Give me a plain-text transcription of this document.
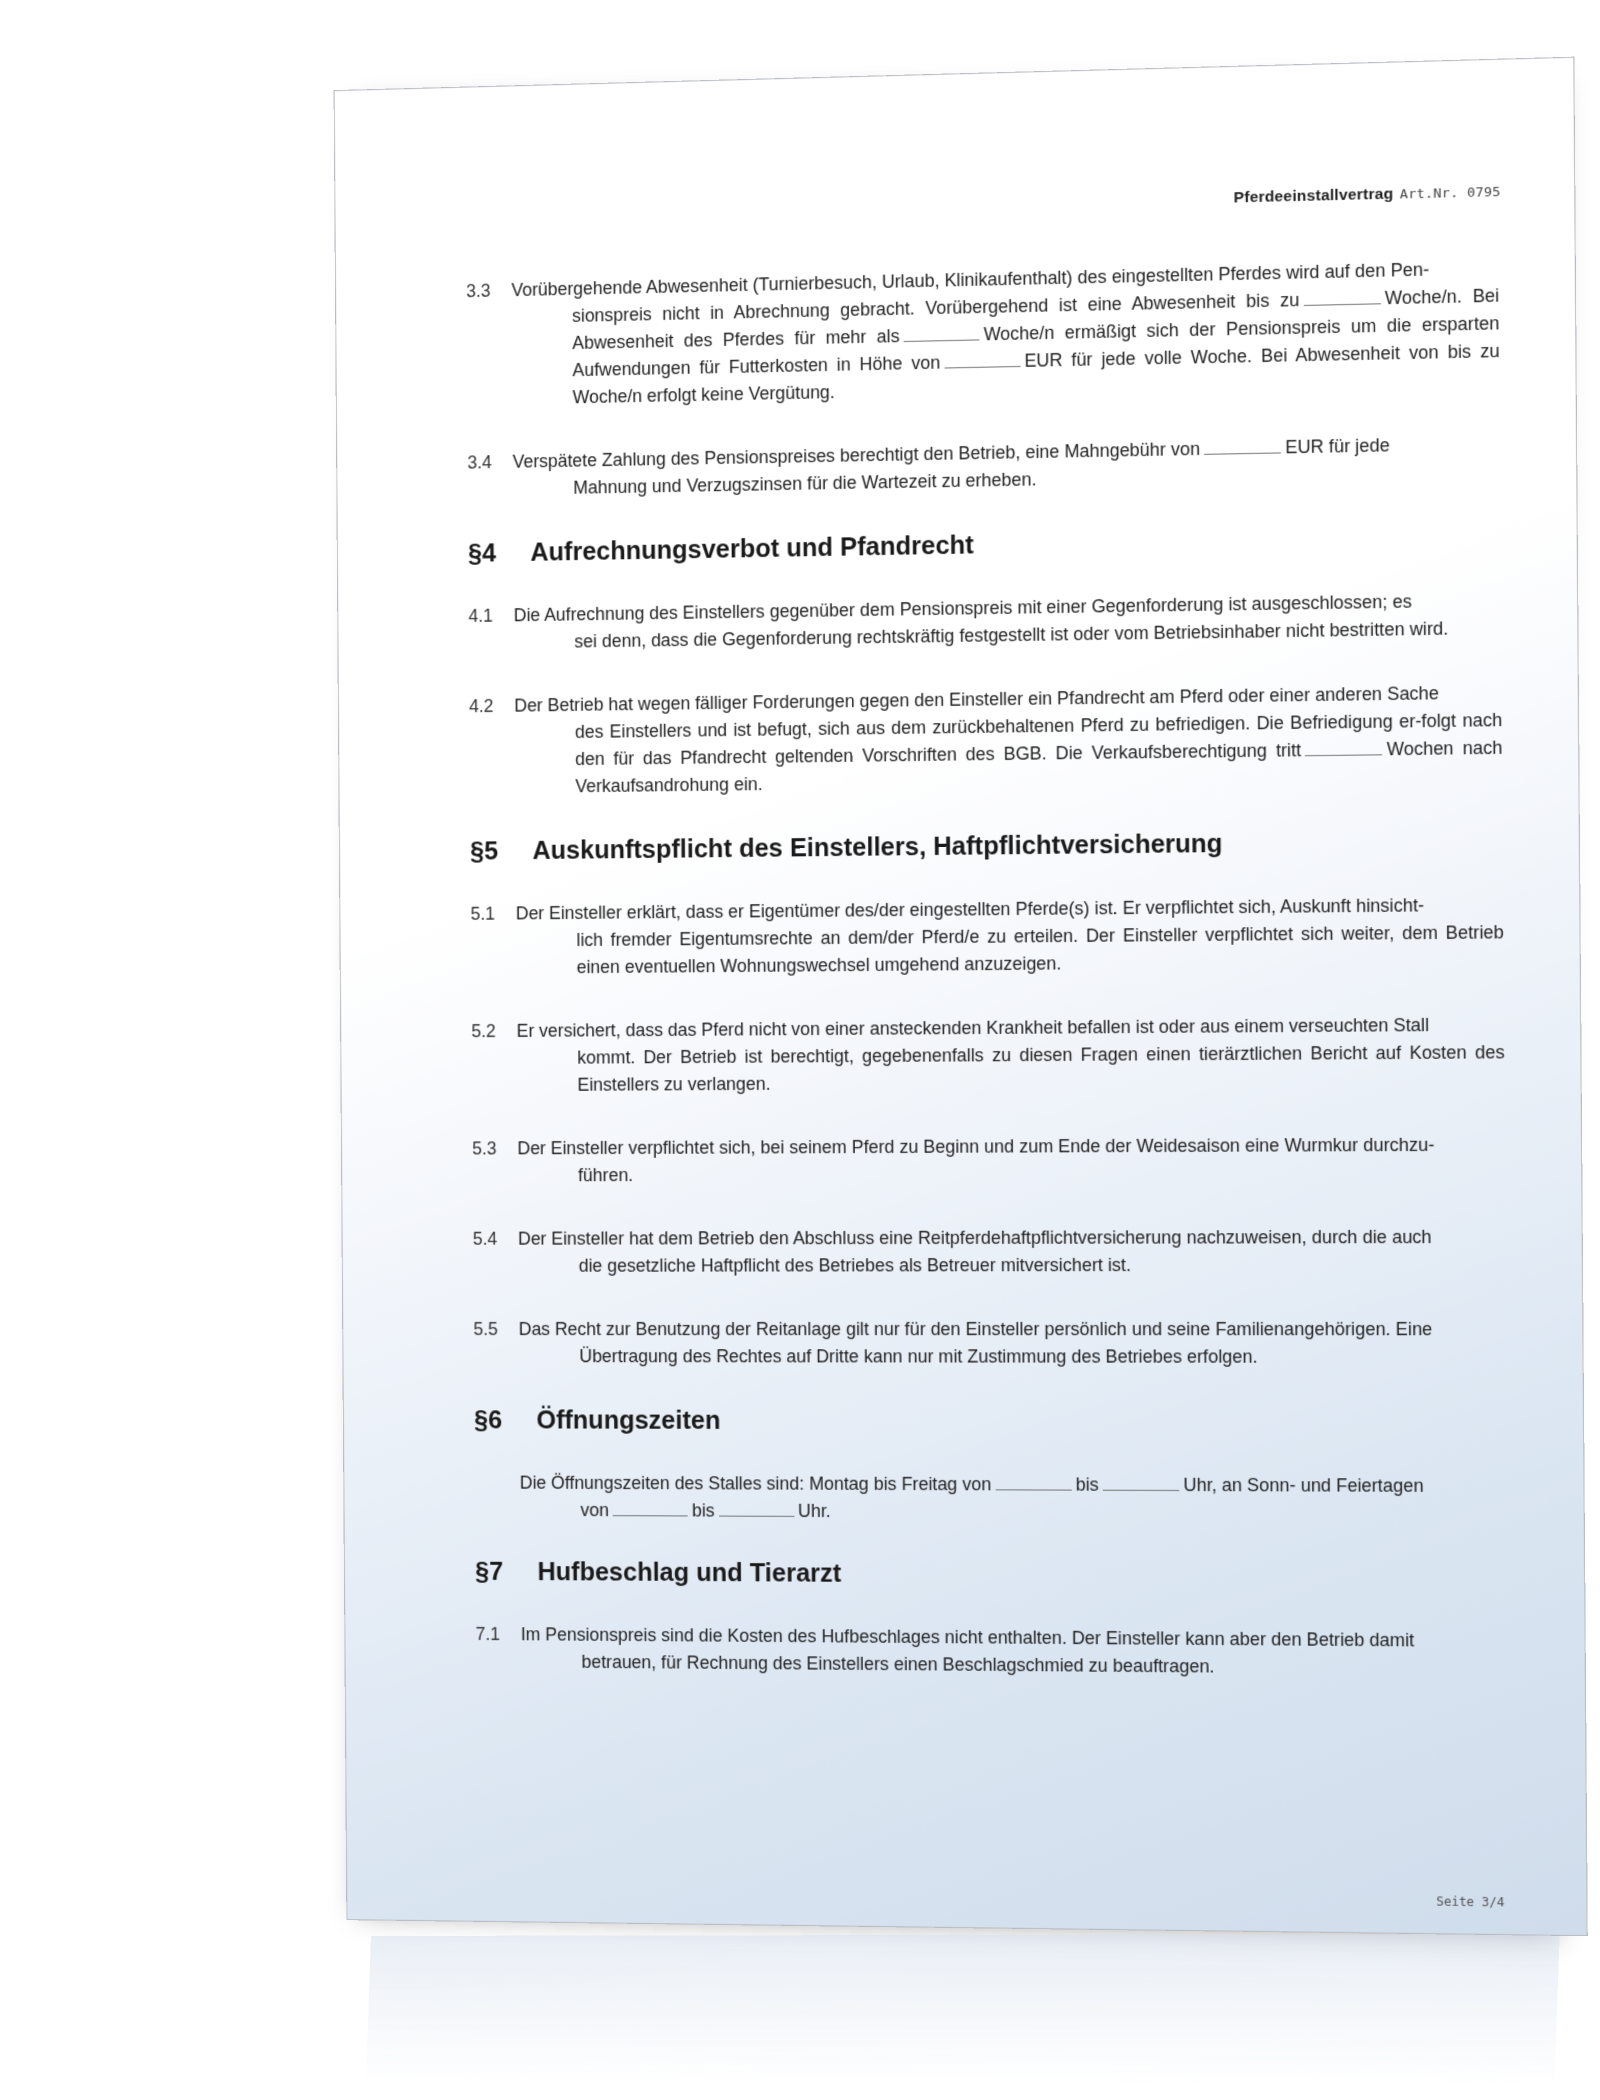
Pferdeeinstallvertrag Art.Nr. 0795
3.3	Vorübergehende Abwesenheit (Turnierbesuch, Urlaub, Klinikaufenthalt) des eingestellten Pferdes wird auf den Pen-
sionspreis nicht in Abrechnung gebracht. Vorübergehend ist eine Abwesenheit bis zu	Woche/n. Bei Abwesenheit des Pferdes für mehr als	Woche/n ermäßigt sich der Pensionspreis um die ersparten Aufwendungen für Futterkosten in Höhe von	EUR für jede volle Woche. Bei Abwesenheit von bis zu Woche/n erfolgt keine Vergütung.
3.4	Verspätete Zahlung des Pensionspreises berechtigt den Betrieb, eine Mahngebühr von	EUR für jede
Mahnung und Verzugszinsen für die Wartezeit zu erheben.
§4	Aufrechnungsverbot und Pfandrecht
4.1	Die Aufrechnung des Einstellers gegenüber dem Pensionspreis mit einer Gegenforderung ist ausgeschlossen; es
sei denn, dass die Gegenforderung rechtskräftig festgestellt ist oder vom Betriebsinhaber nicht bestritten wird.
4.2	Der Betrieb hat wegen fälliger Forderungen gegen den Einsteller ein Pfandrecht am Pferd oder einer anderen Sache
des Einstellers und ist befugt, sich aus dem zurückbehaltenen Pferd zu befriedigen. Die Befriedigung er-folgt nach den für das Pfandrecht geltenden Vorschriften des BGB. Die Verkaufsberechtigung tritt	Wochen nach Verkaufsandrohung ein.
§5	Auskunftspflicht des Einstellers, Haftpflichtversicherung
5.1	Der Einsteller erklärt, dass er Eigentümer des/der eingestellten Pferde(s) ist. Er verpflichtet sich, Auskunft hinsicht-
lich fremder Eigentumsrechte an dem/der Pferd/e zu erteilen. Der Einsteller verpflichtet sich weiter, dem Betrieb einen eventuellen Wohnungswechsel umgehend anzuzeigen.
5.2	Er versichert, dass das Pferd nicht von einer ansteckenden Krankheit befallen ist oder aus einem verseuchten Stall
kommt. Der Betrieb ist berechtigt, gegebenenfalls zu diesen Fragen einen tierärztlichen Bericht auf Kosten des Einstellers zu verlangen.
5.3	Der Einsteller verpflichtet sich, bei seinem Pferd zu Beginn und zum Ende der Weidesaison eine Wurmkur durchzu-
führen.
5.4	Der Einsteller hat dem Betrieb den Abschluss eine Reitpferdehaftpflichtversicherung nachzuweisen, durch die auch
die gesetzliche Haftpflicht des Betriebes als Betreuer mitversichert ist.
5.5	Das Recht zur Benutzung der Reitanlage gilt nur für den Einsteller persönlich und seine Familienangehörigen. Eine
Übertragung des Rechtes auf Dritte kann nur mit Zustimmung des Betriebes erfolgen.
§6	Öffnungszeiten
Die Öffnungszeiten des Stalles sind: Montag bis Freitag von	bis	Uhr, an Sonn- und Feiertagen
von	bis	Uhr.
§7	Hufbeschlag und Tierarzt
7.1	Im Pensionspreis sind die Kosten des Hufbeschlages nicht enthalten. Der Einsteller kann aber den Betrieb damit
betrauen, für Rechnung des Einstellers einen Beschlagschmied zu beauftragen.
Seite 3/4
